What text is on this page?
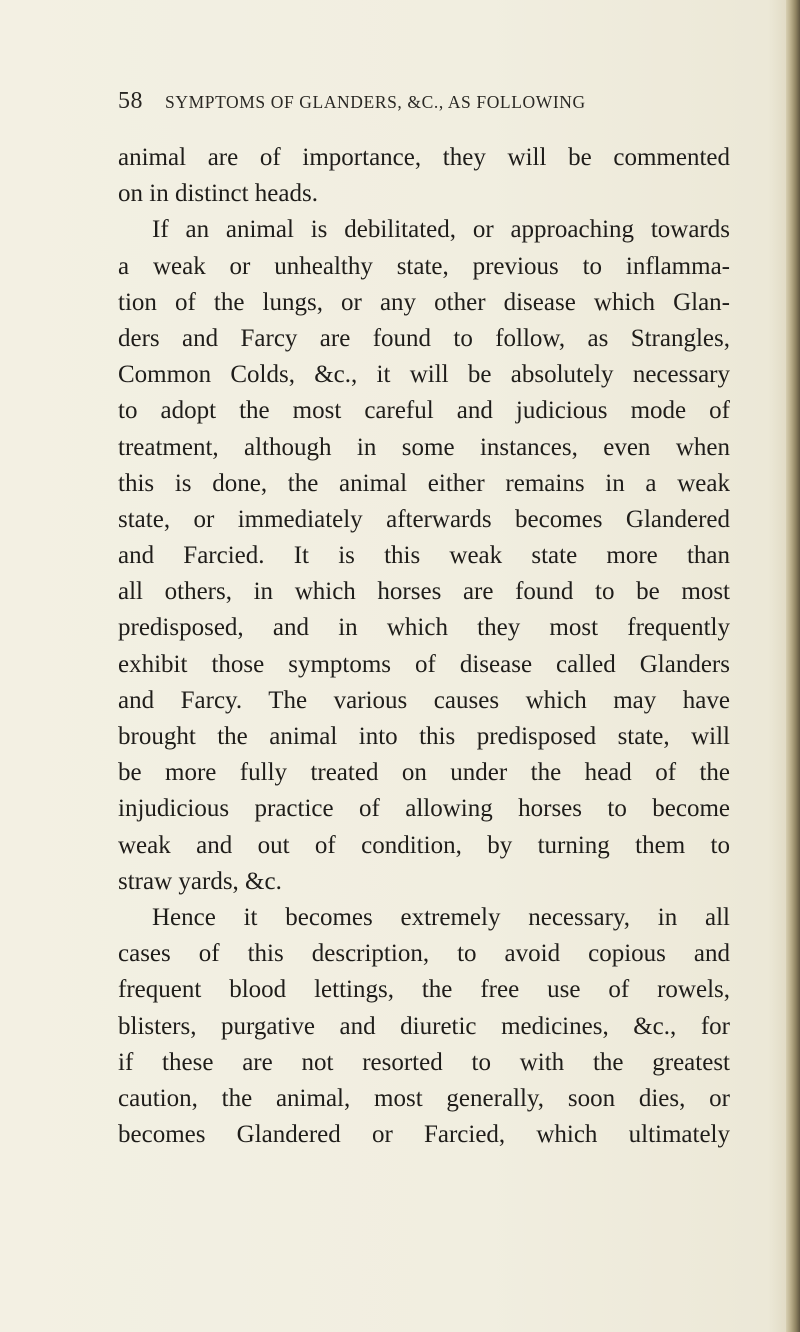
58 SYMPTOMS OF GLANDERS, &C., AS FOLLOWING
animal are of importance, they will be commented
on in distinct heads.
If an animal is debilitated, or approaching towards
a weak or unhealthy state, previous to inflamma-
tion of the lungs, or any other disease which Glan-
ders and Farcy are found to follow, as Strangles,
Common Colds, &c., it will be absolutely necessary
to adopt the most careful and judicious mode of
treatment, although in some instances, even when
this is done, the animal either remains in a weak
state, or immediately afterwards becomes Glandered
and Farcied. It is this weak state more than
all others, in which horses are found to be most
predisposed, and in which they most frequently
exhibit those symptoms of disease called Glanders
and Farcy. The various causes which may have
brought the animal into this predisposed state, will
be more fully treated on under the head of the
injudicious practice of allowing horses to become
weak and out of condition, by turning them to
straw yards, &c.
Hence it becomes extremely necessary, in all
cases of this description, to avoid copious and
frequent blood lettings, the free use of rowels,
blisters, purgative and diuretic medicines, &c., for
if these are not resorted to with the greatest
caution, the animal, most generally, soon dies, or
becomes Glandered or Farcied, which ultimately
